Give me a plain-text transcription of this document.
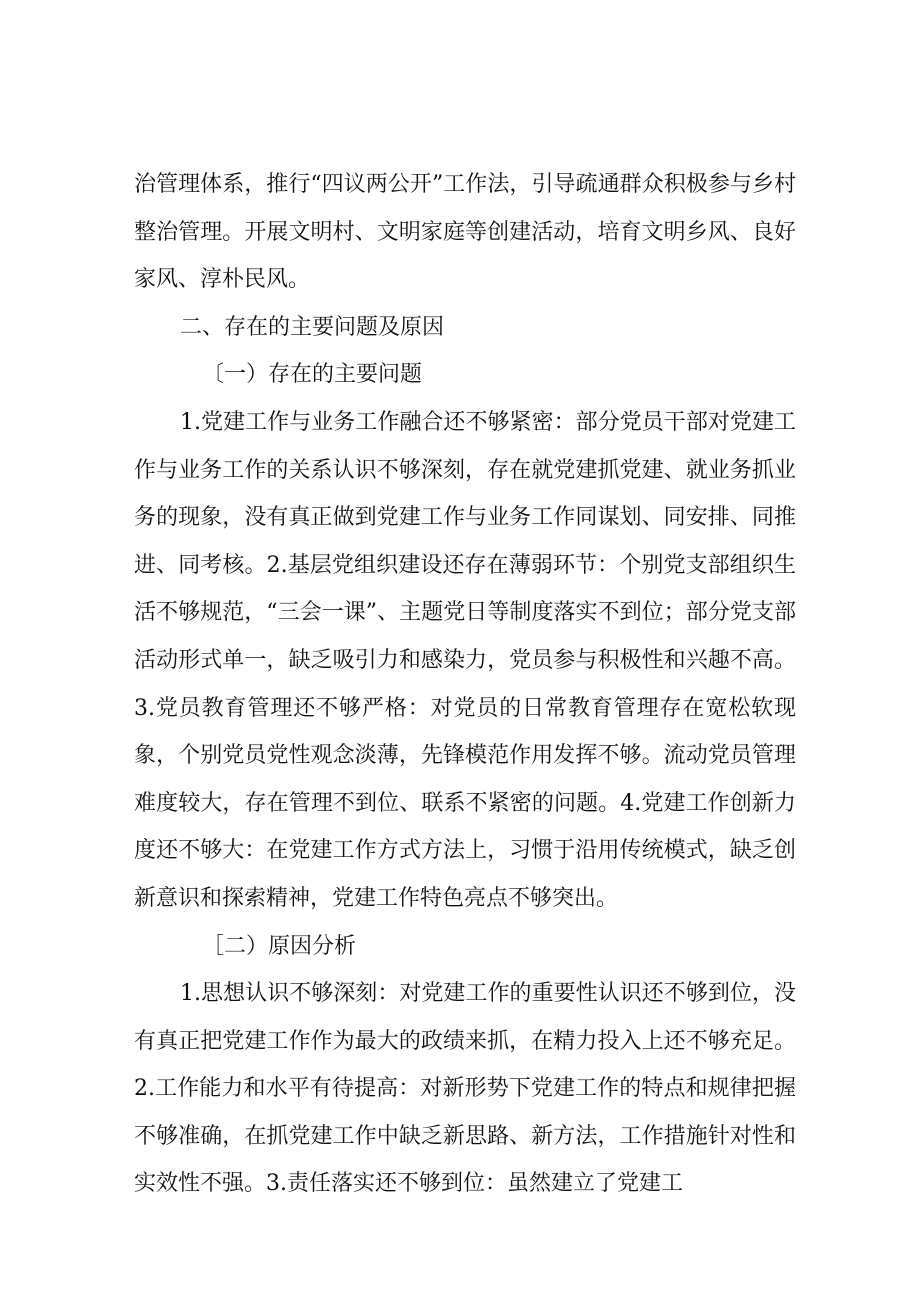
治管理体系，推行“四议两公开”工作法，引导疏通群众积极参与乡村整治管理。开展文明村、文明家庭等创建活动，培育文明乡风、良好家风、淳朴民风。

二、存在的主要问题及原因

〔一）存在的主要问题

1.党建工作与业务工作融合还不够紧密：部分党员干部对党建工作与业务工作的关系认识不够深刻，存在就党建抓党建、就业务抓业务的现象，没有真正做到党建工作与业务工作同谋划、同安排、同推进、同考核。2.基层党组织建设还存在薄弱环节：个别党支部组织生活不够规范，“三会一课”、主题党日等制度落实不到位；部分党支部活动形式单一，缺乏吸引力和感染力，党员参与积极性和兴趣不高。3.党员教育管理还不够严格：对党员的日常教育管理存在宽松软现象，个别党员党性观念淡薄，先锋模范作用发挥不够。流动党员管理难度较大，存在管理不到位、联系不紧密的问题。4.党建工作创新力度还不够大：在党建工作方式方法上，习惯于沿用传统模式，缺乏创新意识和探索精神，党建工作特色亮点不够突出。

［二）原因分析

1.思想认识不够深刻：对党建工作的重要性认识还不够到位，没有真正把党建工作作为最大的政绩来抓，在精力投入上还不够充足。2.工作能力和水平有待提高：对新形势下党建工作的特点和规律把握不够准确，在抓党建工作中缺乏新思路、新方法，工作措施针对性和实效性不强。3.责任落实还不够到位：虽然建立了党建工
